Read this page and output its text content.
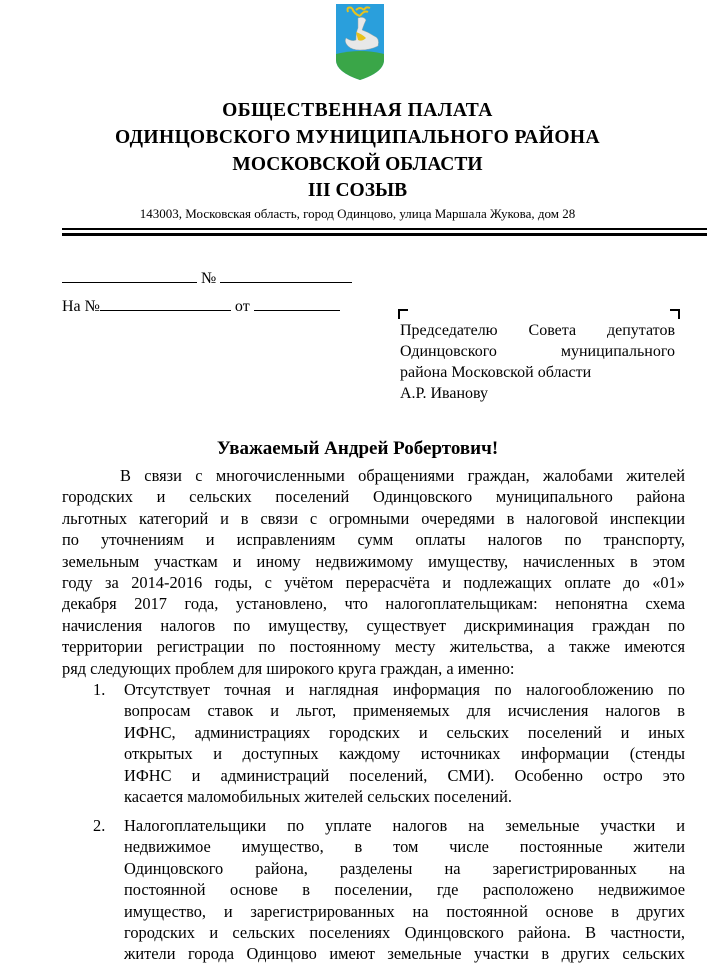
ОБЩЕСТВЕННАЯ ПАЛАТА
ОДИНЦОВСКОГО МУНИЦИПАЛЬНОГО РАЙОНА
МОСКОВСКОЙ ОБЛАСТИ
III СОЗЫВ
143003, Московская область, город Одинцово, улица Маршала Жукова, дом 28
№
На №	от
Председателю Совета депутатов
Одинцовского муниципального
района Московской области
А.Р. Иванову
Уважаемый Андрей Робертович!
В связи с многочисленными обращениями граждан, жалобами жителей
городских и сельских поселений Одинцовского муниципального района
льготных категорий и в связи с огромными очередями в налоговой инспекции
по уточнениям и исправлениям сумм оплаты налогов по транспорту,
земельным участкам и иному недвижимому имуществу, начисленных в этом
году за 2014-2016 годы, с учётом перерасчёта и подлежащих оплате до «01»
декабря 2017 года, установлено, что налогоплательщикам: непонятна схема
начисления налогов по имуществу, существует дискриминация граждан по
территории регистрации по постоянному месту жительства, а также имеются
ряд следующих проблем для широкого круга граждан, а именно:
1. Отсутствует точная и наглядная информация по налогообложению по
вопросам ставок и льгот, применяемых для исчисления налогов в
ИФНС, администрациях городских и сельских поселений и иных
открытых и доступных каждому источниках информации (стенды
ИФНС и администраций поселений, СМИ). Особенно остро это
касается маломобильных жителей сельских поселений.
2. Налогоплательщики по уплате налогов на земельные участки и
недвижимое имущество, в том числе постоянные жители
Одинцовского района, разделены на зарегистрированных на
постоянной основе в поселении, где расположено недвижимое
имущество, и зарегистрированных на постоянной основе в других
городских и сельских поселениях Одинцовского района. В частности,
жители города Одинцово имеют земельные участки в других сельских
